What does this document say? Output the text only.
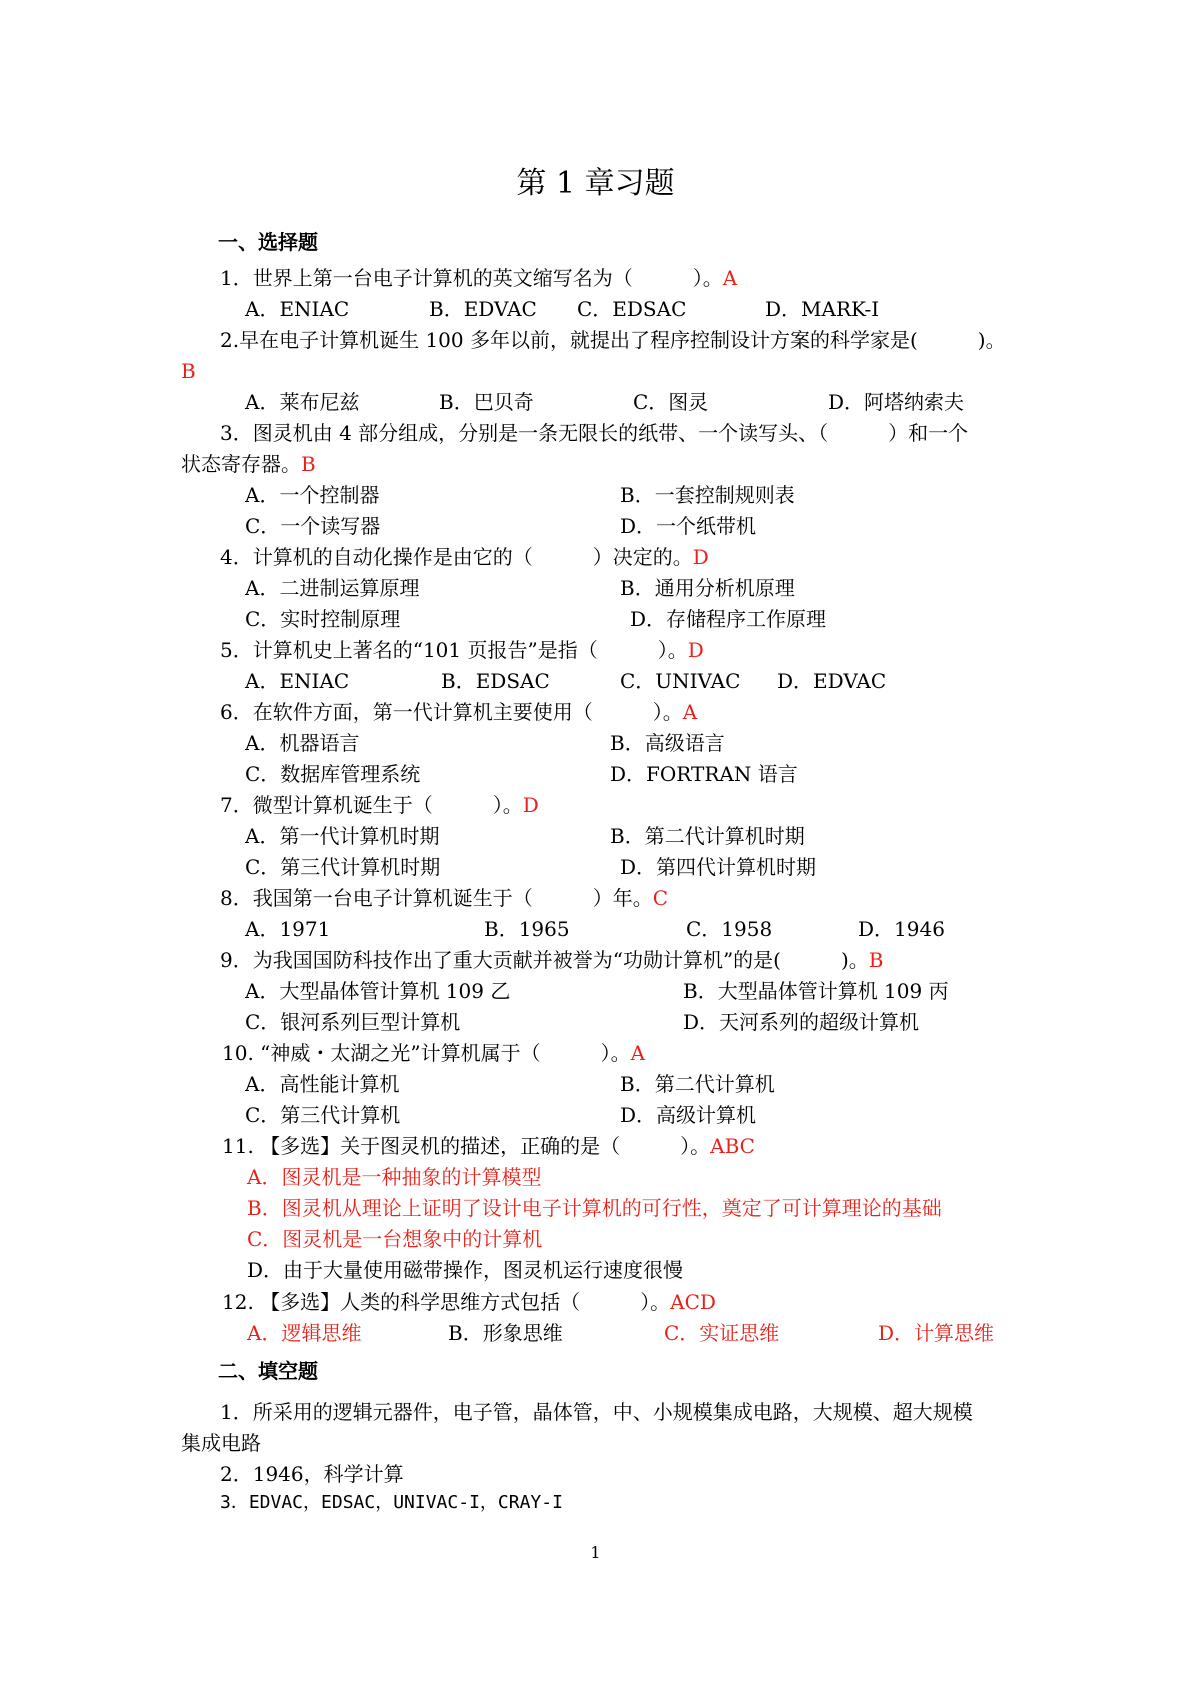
第 1 章习题
一、选择题
1．世界上第一台电子计算机的英文缩写名为（　　　）。A
A．ENIAC	B．EDVAC C．EDSAC	D．MARK-I
2.早在电子计算机诞生 100 多年以前，就提出了程序控制设计方案的科学家是(　　　)。
B
A．莱布尼兹	B．巴贝奇	C．图灵	D．阿塔纳索夫
3．图灵机由 4 部分组成，分别是一条无限长的纸带、一个读写头、（　　　）和一个
状态寄存器。B
A．一个控制器	B．一套控制规则表
C．一个读写器	D．一个纸带机
4．计算机的自动化操作是由它的（　　　）决定的。D
A．二进制运算原理	B．通用分析机原理
C．实时控制原理	D．存储程序工作原理
5．计算机史上著名的“101 页报告”是指（　　　）。D
A．ENIAC	B．EDSAC	C．UNIVAC D．EDVAC
6．在软件方面，第一代计算机主要使用（　　　）。A
A．机器语言	B．高级语言
C．数据库管理系统	D．FORTRAN 语言
7．微型计算机诞生于（　　　）。D
A．第一代计算机时期	B．第二代计算机时期
C．第三代计算机时期	D．第四代计算机时期
8．我国第一台电子计算机诞生于（　　　）年。C
A．1971	B．1965	C．1958	D．1946
9．为我国国防科技作出了重大贡献并被誉为“功勋计算机”的是(　　　)。B
A．大型晶体管计算机 109 乙	B．大型晶体管计算机 109 丙
C．银河系列巨型计算机	D．天河系列的超级计算机
10. “神威・太湖之光”计算机属于（　　　）。A
A．高性能计算机	B．第二代计算机
C．第三代计算机	D．高级计算机
11. 【多选】关于图灵机的描述，正确的是（　　　）。ABC
A．图灵机是一种抽象的计算模型
B．图灵机从理论上证明了设计电子计算机的可行性，奠定了可计算理论的基础
C．图灵机是一台想象中的计算机
D．由于大量使用磁带操作，图灵机运行速度很慢
12. 【多选】人类的科学思维方式包括（　　　）。ACD
A．逻辑思维	B．形象思维	C．实证思维	D．计算思维
二、填空题
1．所采用的逻辑元器件，电子管，晶体管，中、小规模集成电路，大规模、超大规模
集成电路
2．1946，科学计算
3．EDVAC，EDSAC，UNIVAC-I，CRAY-I
1
